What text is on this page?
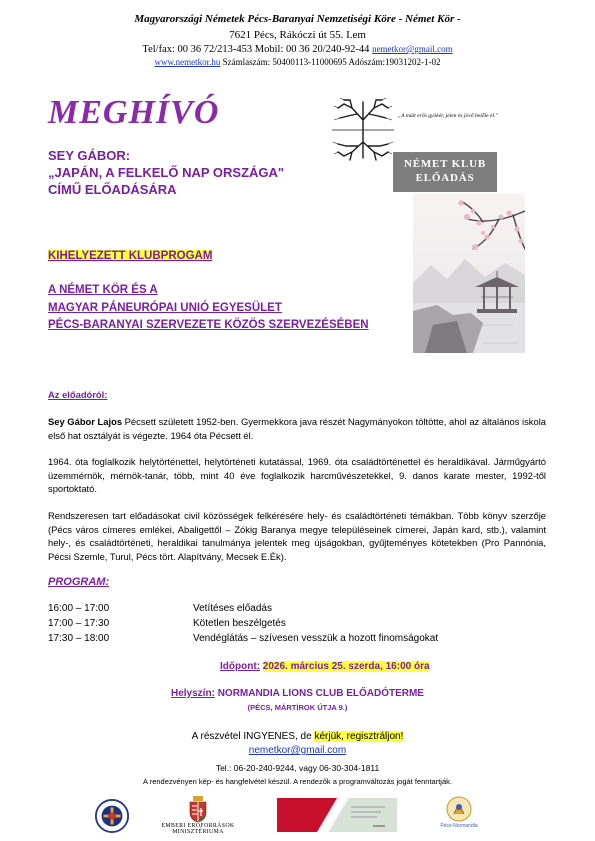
Magyarországi Németek Pécs-Baranyai Nemzetiségi Köre - Német Kör -
7621 Pécs, Rákóczi út 55. I.em
Tel/fax: 00 36 72/213-453 Mobil: 00 36 20/240-92-44 nemetkor@gmail.com
www.nemetkor.hu Számlaszám: 50400113-11000695 Adószám:19031202-1-02
MEGHÍVÓ	„A múlt erős gyökér, jelen és jövő belőle él."
NÉMET KLUB
ELŐADÁS
SEY GÁBOR:
„JAPÁN, A FELKELŐ NAP ORSZÁGA"
CÍMŰ ELŐADÁSÁRA
KIHELYEZETT KLUBPROGAM
A NÉMET KÖR ÉS A
MAGYAR PÁNEURÓPAI UNIÓ EGYESÜLET
PÉCS-BARANYAI SZERVEZETE KÖZÖS SZERVEZÉSÉBEN
Az előadóról:
Sey Gábor Lajos Pécsett született 1952-ben. Gyermekkora java részét Nagymányokon töltötte, ahol az általános iskola első hat osztályát is végezte. 1964 óta Pécsett él.
1964. óta foglalkozik helytörténettel, helytörténeti kutatással, 1969. óta családtörténettel és heraldikával. Járműgyártó üzemmérnök, mérnök-tanár, több, mint 40 éve foglalkozik harcművészetekkel, 9. danos karate mester, 1992-től sportoktató.
Rendszeresen tart előadásokat civil közösségek felkérésére hely- és családtörténeti témákban. Több könyv szerzője (Pécs város címeres emlékei, Abaligettől – Zókig Baranya megye településeinek címerei, Japán kard, stb.), valamint hely-, és családtörténeti, heraldikai tanulmánya jelentek meg újságokban, gyűjteményes kötetekben (Pro Pannónia, Pécsi Szemle, Turul, Pécs tört. Alapítvány, Mecsek E.Ék).
PROGRAM:
16:00 – 17:00	Vetítéses előadás
17:00 – 17:30	Kötetlen beszélgetés
17:30 – 18:00	Vendéglátás – szívesen vesszük a hozott finomságokat
Időpont: 2026. március 25. szerda, 16:00 óra
Helyszín: NORMANDIA LIONS CLUB ELŐADÓTERME
(PÉCS, MÁRTÍROK ÚTJA 9.)
A részvétel INGYENES, de kérjük, regisztráljon!
nemetkor@gmail.com
Tel.: 06-20-240-9244, vagy 06-30-304-1811
A rendezvényen kép- és hangfelvétel készül. A rendezők a programváltozás jogát fenntartják.
EMBERI ERŐFORRÁSOK
MINISZTÉRIUMA
Pécs-Normandia
